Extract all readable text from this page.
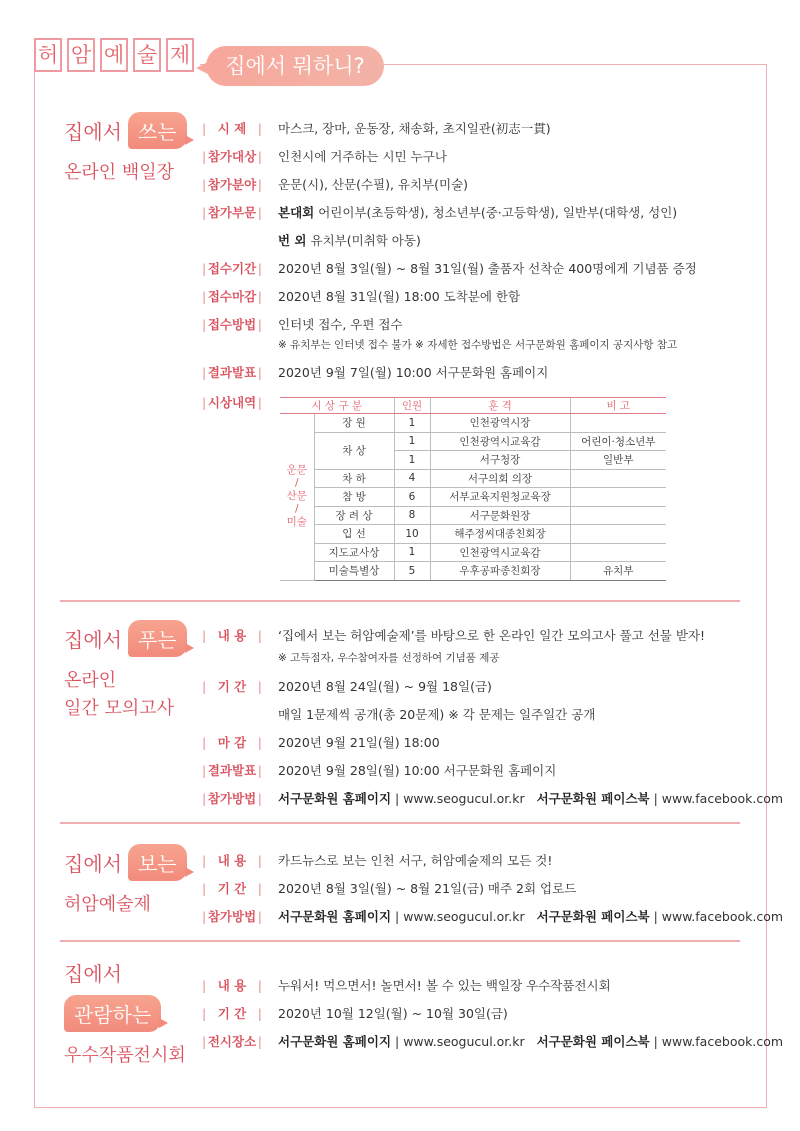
허 암 예 술 제	집에서 뭐하니?
집에서 쓰는
온라인 백일장
| 시 제 | 마스크, 장마, 운동장, 채송화, 초지일관(初志一貫)
| 참가대상 | 인천시에 거주하는 시민 누구나
| 참가분야 | 운문(시), 산문(수필), 유치부(미술)
| 참가부문 | 본대회 어린이부(초등학생), 청소년부(중·고등학생), 일반부(대학생, 성인)
번 외 유치부(미취학 아동)
| 접수기간 | 2020년 8월 3일(월) ~ 8월 31일(월) 출품자 선착순 400명에게 기념품 증정
| 접수마감 | 2020년 8월 31일(월) 18:00 도착분에 한함
| 접수방법 | 인터넷 접수, 우편 접수
※ 유치부는 인터넷 접수 불가 ※ 자세한 접수방법은 서구문화원 홈페이지 공지사항 참고
| 결과발표 | 2020년 9월 7일(월) 10:00 서구문화원 홈페이지
| 시상내역 |	시 상 구 분		인원	훈 격	비 고
운문
/
산문
/
미술	장 원	1	인천광역시장	
	차 상	1	인천광역시교육감	어린이·청소년부
		1	서구청장	일반부
	차 하	4	서구의회 의장	
	참 방	6	서부교육지원청교육장	
	장 려 상	8	서구문화원장	
	입 선	10	해주정씨대종친회장	
	지도교사상	1	인천광역시교육감	
	미술특별상	5	우후공파종친회장	유치부
집에서 푸는
온라인
일간 모의고사
| 내 용 | ‘집에서 보는 허암예술제’를 바탕으로 한 온라인 일간 모의고사 풀고 선물 받자!
※ 고득점자, 우수참여자를 선정하여 기념품 제공
| 기 간 | 2020년 8월 24일(월) ~ 9월 18일(금)
매일 1문제씩 공개(총 20문제) ※ 각 문제는 일주일간 공개
| 마 감 | 2020년 9월 21일(월) 18:00
| 결과발표 | 2020년 9월 28일(월) 10:00 서구문화원 홈페이지
| 참가방법 | 서구문화원 홈페이지 | www.seogucul.or.kr 서구문화원 페이스북 | www.facebook.com
집에서 보는
허암예술제
| 내 용 | 카드뉴스로 보는 인천 서구, 허암예술제의 모든 것!
| 기 간 | 2020년 8월 3일(월) ~ 8월 21일(금) 매주 2회 업로드
| 참가방법 | 서구문화원 홈페이지 | www.seogucul.or.kr 서구문화원 페이스북 | www.facebook.com
집에서
관람하는
우수작품전시회
| 내 용 | 누워서! 먹으면서! 놀면서! 볼 수 있는 백일장 우수작품전시회
| 기 간 | 2020년 10월 12일(월) ~ 10월 30일(금)
| 전시장소 | 서구문화원 홈페이지 | www.seogucul.or.kr 서구문화원 페이스북 | www.facebook.com
